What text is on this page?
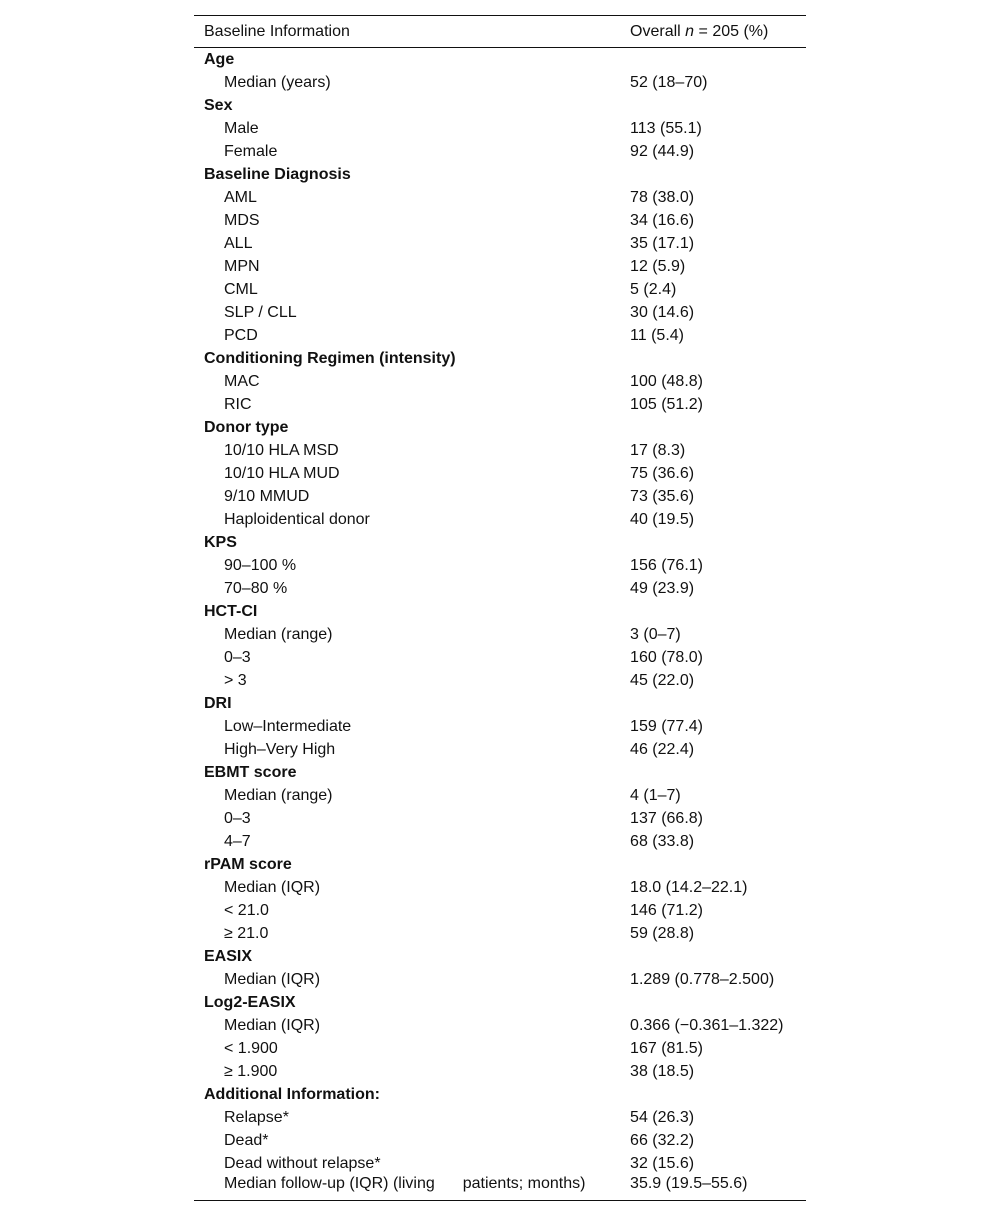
Baseline Information	Overall n = 205 (%)
Age	
Median (years)	52 (18–70)
Sex	
Male	113 (55.1)
Female	92 (44.9)
Baseline Diagnosis	
AML	78 (38.0)
MDS	34 (16.6)
ALL	35 (17.1)
MPN	12 (5.9)
CML	5 (2.4)
SLP / CLL	30 (14.6)
PCD	11 (5.4)
Conditioning Regimen (intensity)	
MAC	100 (48.8)
RIC	105 (51.2)
Donor type	
10/10 HLA MSD	17 (8.3)
10/10 HLA MUD	75 (36.6)
9/10 MMUD	73 (35.6)
Haploidentical donor	40 (19.5)
KPS	
90–100 %	156 (76.1)
70–80 %	49 (23.9)
HCT-CI	
Median (range)	3 (0–7)
0–3	160 (78.0)
> 3	45 (22.0)
DRI	
Low–Intermediate	159 (77.4)
High–Very High	46 (22.4)
EBMT score	
Median (range)	4 (1–7)
0–3	137 (66.8)
4–7	68 (33.8)
rPAM score	
Median (IQR)	18.0 (14.2–22.1)
< 21.0	146 (71.2)
≥ 21.0	59 (28.8)
EASIX	
Median (IQR)	1.289 (0.778–2.500)
Log2-EASIX	
Median (IQR)	0.366 (−0.361–1.322)
< 1.900	167 (81.5)
≥ 1.900	38 (18.5)
Additional Information:	
Relapse*	54 (26.3)
Dead*	66 (32.2)
Dead without relapse*	32 (15.6)
Median follow-up (IQR) (living patients; months)	35.9 (19.5–55.6)
